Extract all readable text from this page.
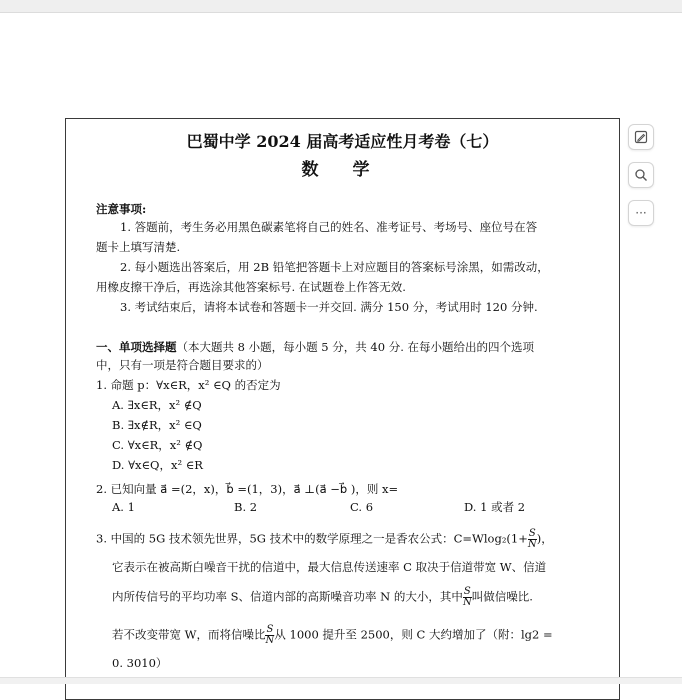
巴蜀中学 2024 届高考适应性月考卷（七）
数 学
注意事项:
1. 答题前，考生务必用黑色碳素笔将自己的姓名、准考证号、考场号、座位号在答
题卡上填写清楚.
2. 每小题选出答案后，用 2B 铅笔把答题卡上对应题目的答案标号涂黑，如需改动，
用橡皮擦干净后，再选涂其他答案标号. 在试题卷上作答无效.
3. 考试结束后，请将本试卷和答题卡一并交回. 满分 150 分，考试用时 120 分钟.
一、单项选择题（本大题共 8 小题，每小题 5 分，共 40 分. 在每小题给出的四个选项
中，只有一项是符合题目要求的）
1. 命题 p：∀x∈R，x² ∈Q 的否定为
A. ∃x∈R，x² ∉Q
B. ∃x∉R，x² ∈Q
C. ∀x∈R，x² ∉Q
D. ∀x∈Q，x² ∈R
2. 已知向量 a⃗ =(2，x)，b⃗ =(1，3)，a⃗ ⊥(a⃗ −b⃗ )，则 x=
A. 1	B. 2	C. 6	D. 1 或者 2
3. 中国的 5G 技术领先世界，5G 技术中的数学原理之一是香农公式：$C=Wlog_2(1+ \frac{S}{N}$ )，
它表示在被高斯白噪音干扰的信道中，最大信息传送速率 C 取决于信道带宽 W、信道
内所传信号的平均功率 S、信道内部的高斯噪音功率 N 的大小，其中 $\frac{S}{N}$ 叫做信噪比.
若不改变带宽 W，而将信噪比 $\frac{S}{N}$ 从 1000 提升至 2500，则 C 大约增加了（附：lg2 =
0. 3010）
···
